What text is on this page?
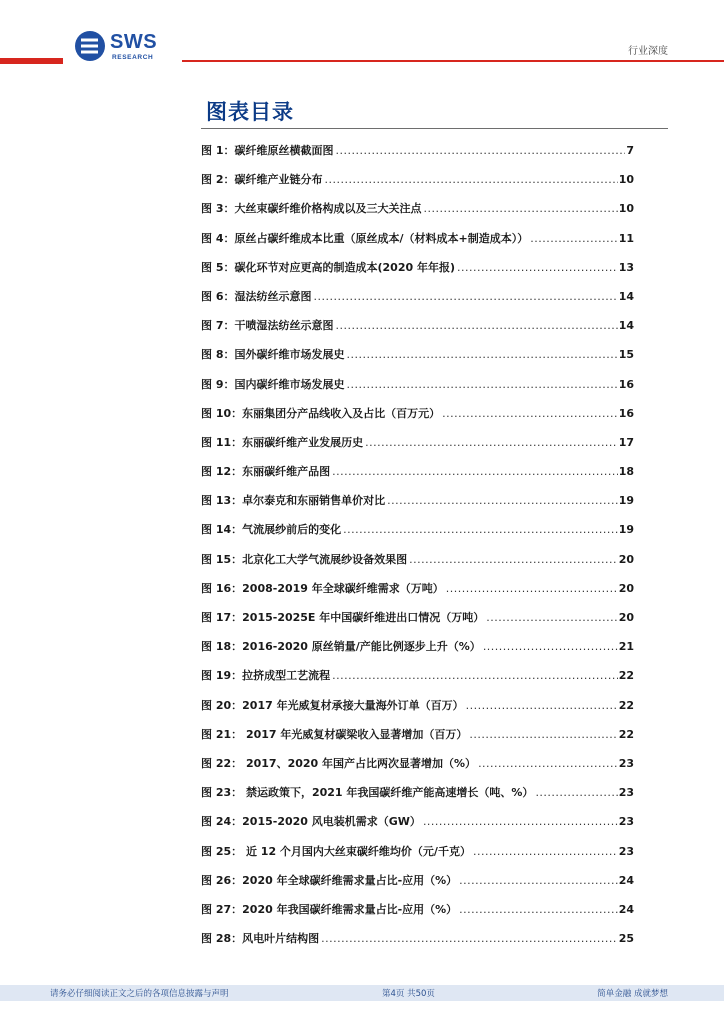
SWS
RESEARCH
行业深度
图表目录
图 1：碳纤维原丝横截面图 .....	7
图 2：碳纤维产业链分布 .....	10
图 3：大丝束碳纤维价格构成以及三大关注点 .....	10
图 4：原丝占碳纤维成本比重（原丝成本/（材料成本+制造成本）） .....	11
图 5：碳化环节对应更高的制造成本(2020 年年报) .....	13
图 6：湿法纺丝示意图 .....	14
图 7：干喷湿法纺丝示意图 .....	14
图 8：国外碳纤维市场发展史 .....	15
图 9：国内碳纤维市场发展史 .....	16
图 10：东丽集团分产品线收入及占比（百万元） .....	16
图 11：东丽碳纤维产业发展历史 .....	17
图 12：东丽碳纤维产品图 .....	18
图 13：卓尔泰克和东丽销售单价对比 .....	19
图 14：气流展纱前后的变化 .....	19
图 15：北京化工大学气流展纱设备效果图 .....	20
图 16：2008-2019 年全球碳纤维需求（万吨） .....	20
图 17：2015-2025E 年中国碳纤维进出口情况（万吨） .....	20
图 18：2016-2020 原丝销量/产能比例逐步上升（%） .....	21
图 19：拉挤成型工艺流程 .....	22
图 20：2017 年光威复材承接大量海外订单（百万） .....	22
图 21： 2017 年光威复材碳梁收入显著增加（百万） .....	22
图 22： 2017、2020 年国产占比两次显著增加（%） .....	23
图 23： 禁运政策下，2021 年我国碳纤维产能高速增长（吨、%） .....	23
图 24：2015-2020 风电装机需求（GW） .....	23
图 25： 近 12 个月国内大丝束碳纤维均价（元/千克） .....	23
图 26：2020 年全球碳纤维需求量占比-应用（%） .....	24
图 27：2020 年我国碳纤维需求量占比-应用（%） .....	24
图 28：风电叶片结构图 .....	25
请务必仔细阅读正文之后的各项信息披露与声明	第4页 共50页	简单金融 成就梦想
